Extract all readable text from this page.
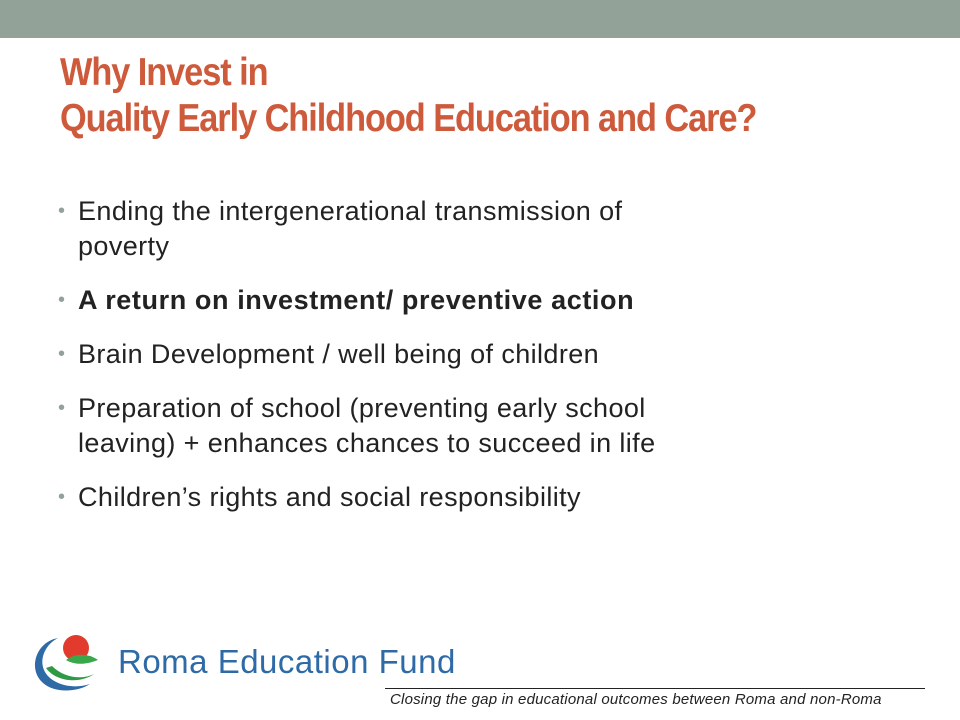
Why Invest in
Quality Early Childhood Education and Care?
• Ending the intergenerational transmission of
poverty
• A return on investment/ preventive action
• Brain Development / well being of children
• Preparation of school (preventing early school
leaving) + enhances chances to succeed in life
• Children’s rights and social responsibility
Roma Education Fund
Closing the gap in educational outcomes between Roma and non-Roma
